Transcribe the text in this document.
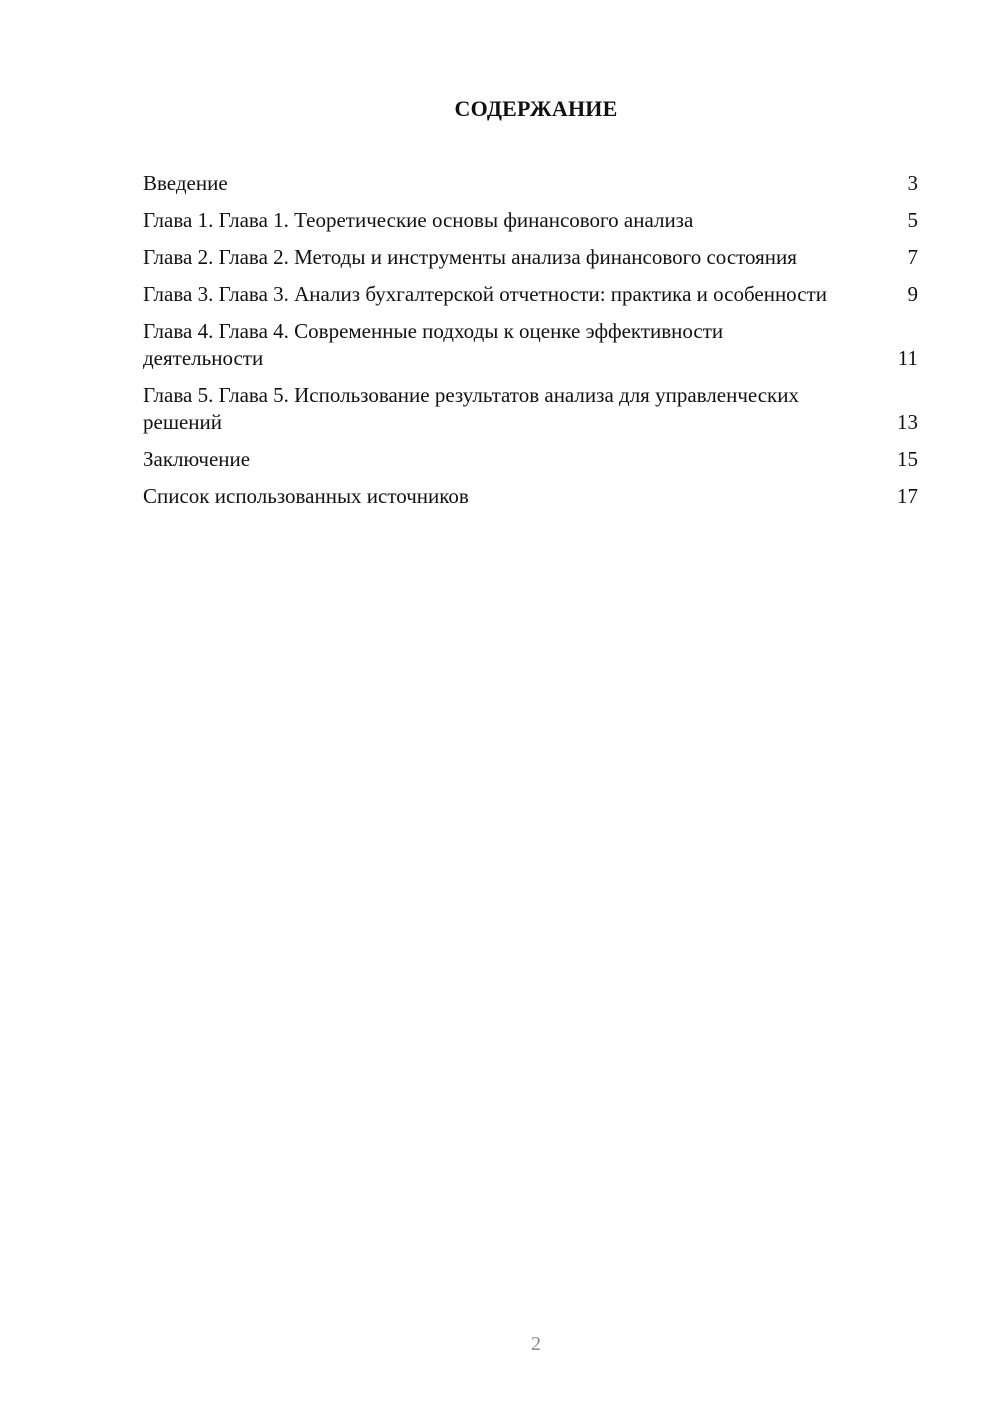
СОДЕРЖАНИЕ
Введение	3
Глава 1. Глава 1. Теоретические основы финансового анализа	5
Глава 2. Глава 2. Методы и инструменты анализа финансового состояния	7
Глава 3. Глава 3. Анализ бухгалтерской отчетности: практика и особенности	9
Глава 4. Глава 4. Современные подходы к оценке эффективности деятельности	11
Глава 5. Глава 5. Использование результатов анализа для управленческих решений	13
Заключение	15
Список использованных источников	17
2
